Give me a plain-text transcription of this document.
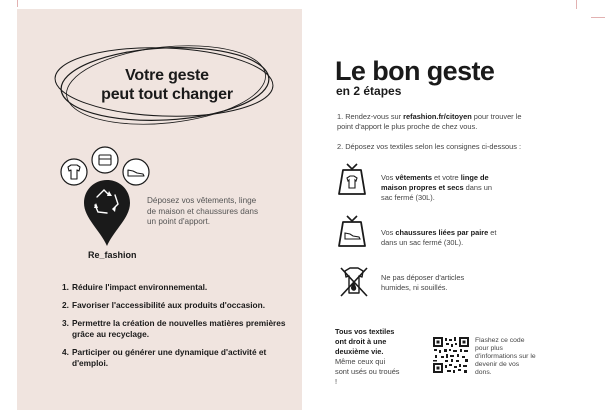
Votre geste
peut tout changer
Déposez vos vêtements, linge de maison et chaussures dans un point d'apport.
Re_fashion
1. Réduire l'impact environnemental.
2. Favoriser l'accessibilité aux produits d'occasion.
3. Permettre la création de nouvelles matières premières grâce au recyclage.
4. Participer ou générer une dynamique d'activité et d'emploi.
Le bon geste
en 2 étapes
1. Rendez-vous sur refashion.fr/citoyen pour trouver le point d'apport le plus proche de chez vous.
2. Déposez vos textiles selon les consignes ci-dessous :
Vos vêtements et votre linge de maison propres et secs dans un sac fermé (30L).
Vos chaussures liées par paire et dans un sac fermé (30L).
Ne pas déposer d'articles humides, ni souillés.
Tous vos textiles ont droit à une deuxième vie.
Même ceux qui sont usés ou troués !
Flashez ce code pour plus d'informations sur le devenir de vos dons.
